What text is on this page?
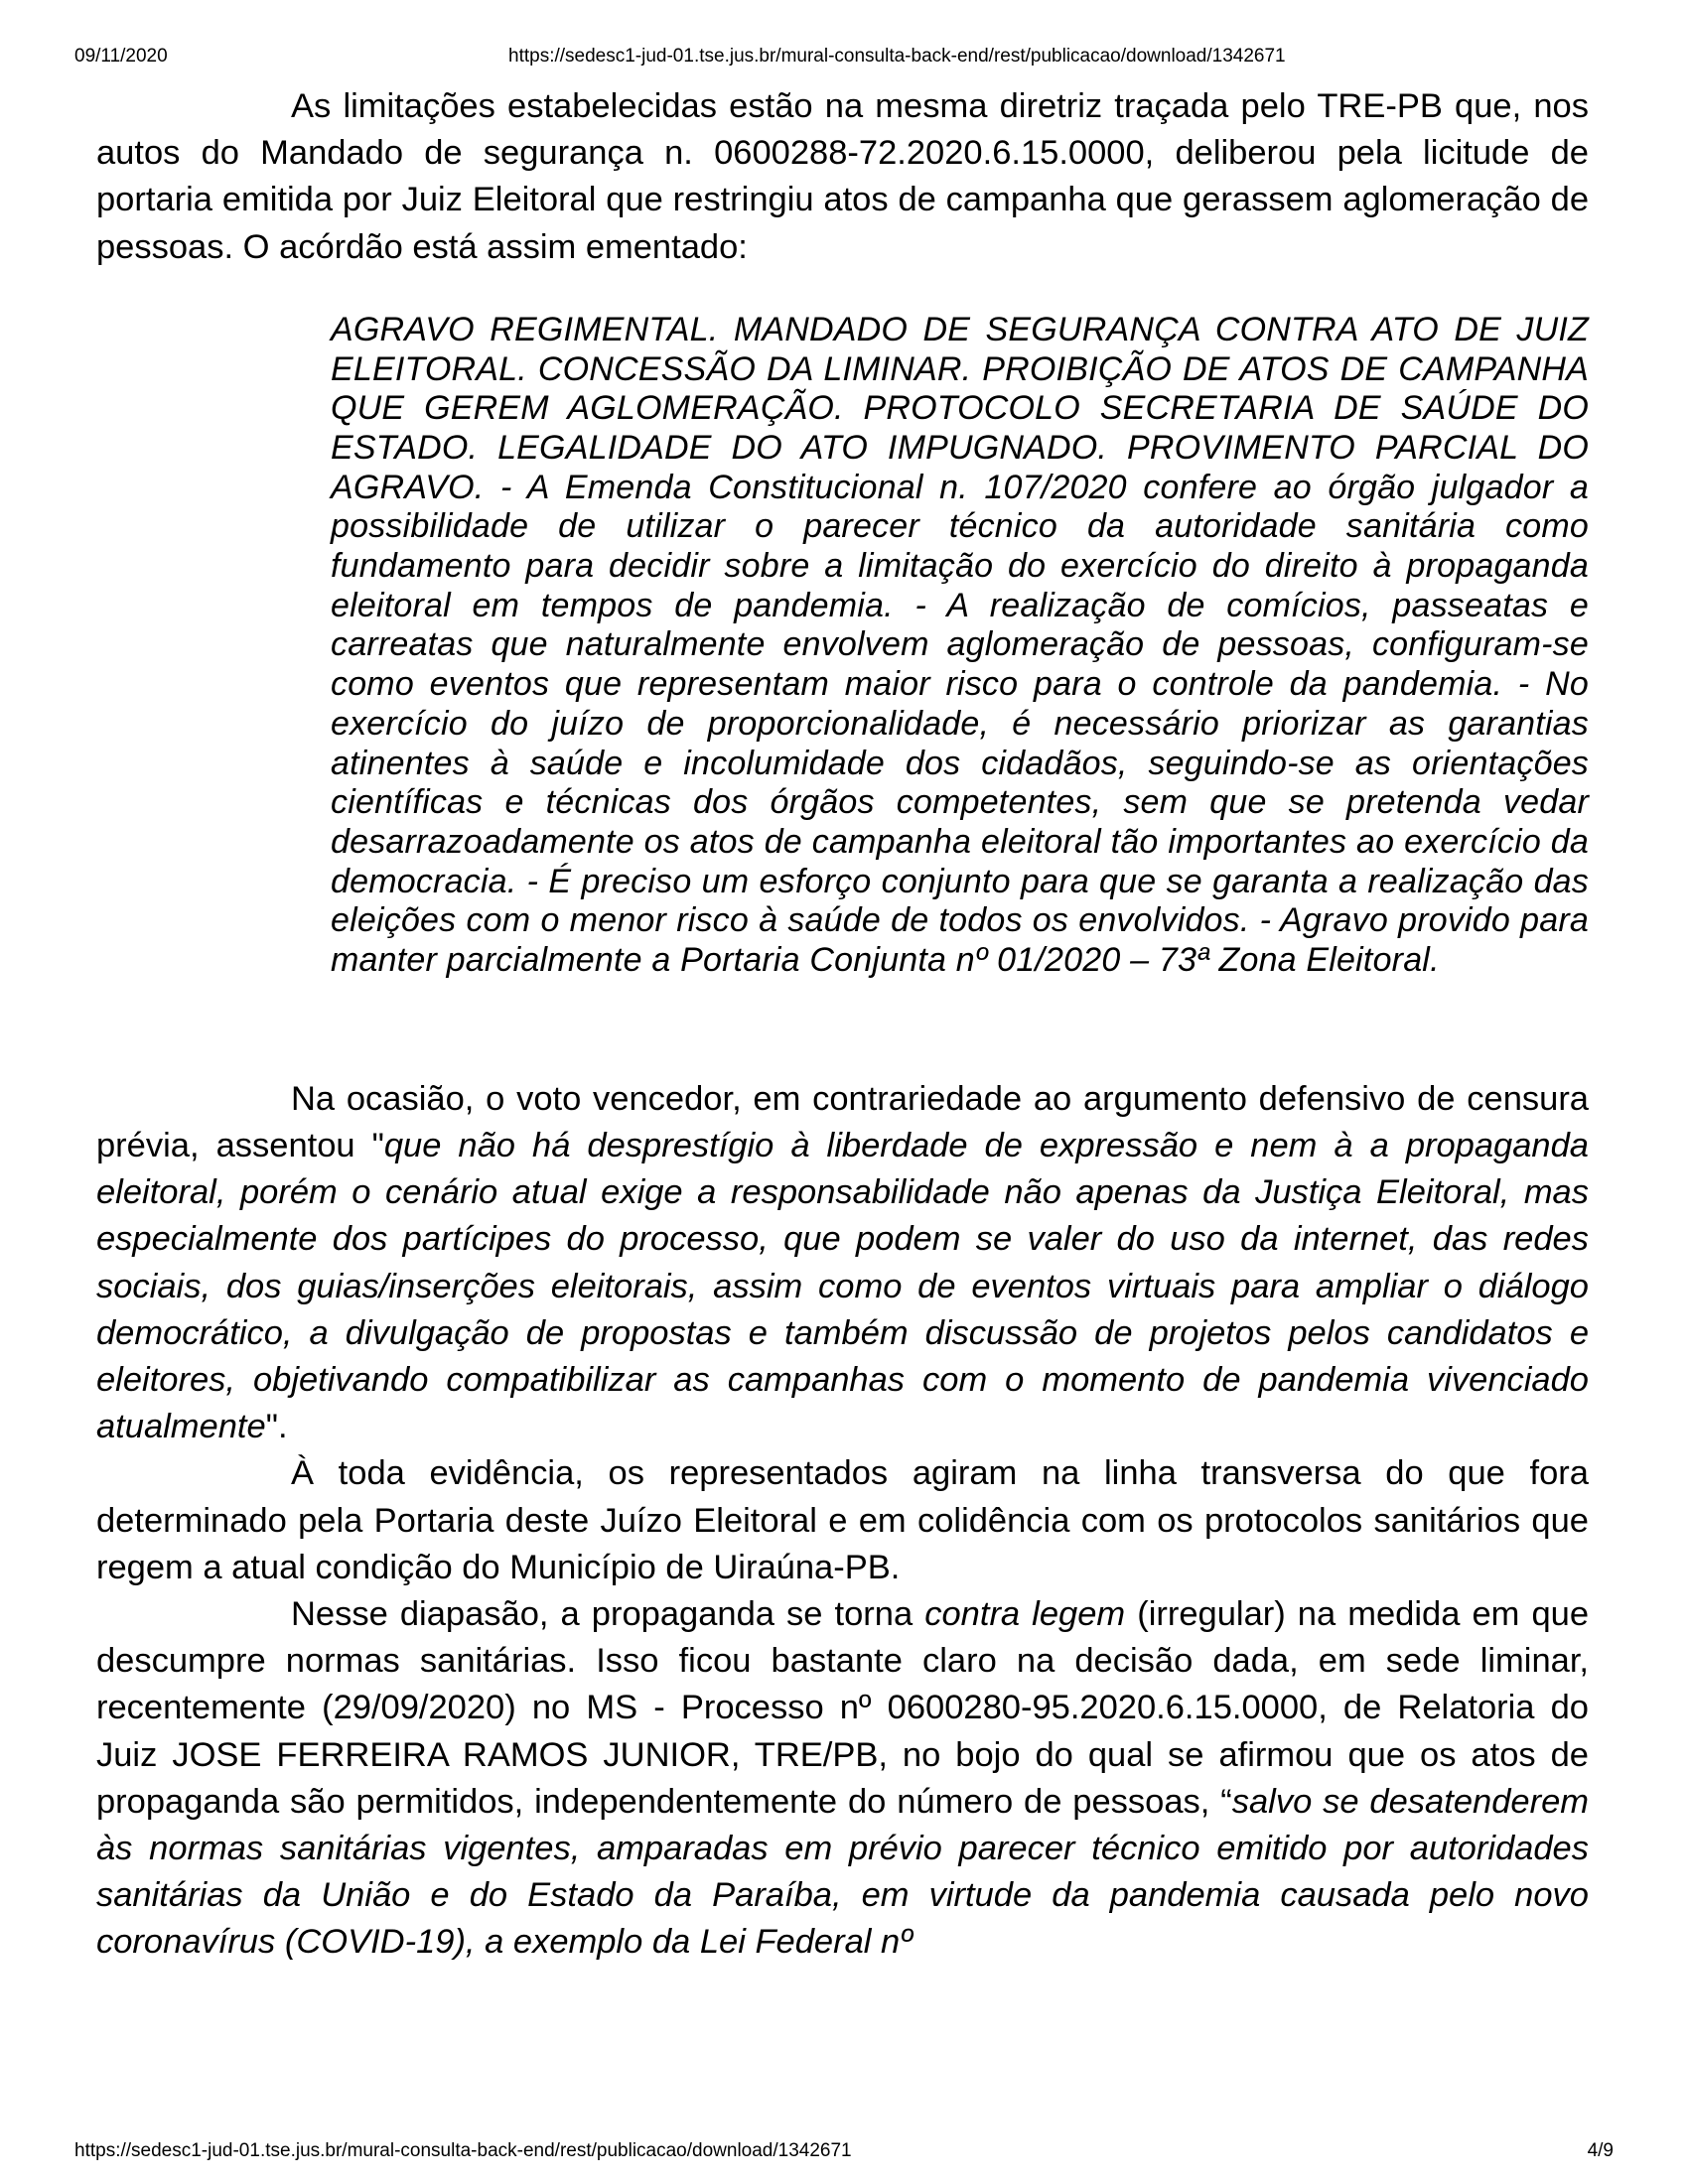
09/11/2020	https://sedesc1-jud-01.tse.jus.br/mural-consulta-back-end/rest/publicacao/download/1342671

As limitações estabelecidas estão na mesma diretriz traçada pelo TRE-PB que, nos autos do Mandado de segurança n. 0600288-72.2020.6.15.0000, deliberou pela licitude de portaria emitida por Juiz Eleitoral que restringiu atos de campanha que gerassem aglomeração de pessoas. O acórdão está assim ementado:

AGRAVO REGIMENTAL. MANDADO DE SEGURANÇA CONTRA ATO DE JUIZ ELEITORAL. CONCESSÃO DA LIMINAR. PROIBIÇÃO DE ATOS DE CAMPANHA QUE GEREM AGLOMERAÇÃO. PROTOCOLO SECRETARIA DE SAÚDE DO ESTADO. LEGALIDADE DO ATO IMPUGNADO. PROVIMENTO PARCIAL DO AGRAVO. - A Emenda Constitucional n. 107/2020 confere ao órgão julgador a possibilidade de utilizar o parecer técnico da autoridade sanitária como fundamento para decidir sobre a limitação do exercício do direito à propaganda eleitoral em tempos de pandemia. - A realização de comícios, passeatas e carreatas que naturalmente envolvem aglomeração de pessoas, configuram-se como eventos que representam maior risco para o controle da pandemia. - No exercício do juízo de proporcionalidade, é necessário priorizar as garantias atinentes à saúde e incolumidade dos cidadãos, seguindo-se as orientações científicas e técnicas dos órgãos competentes, sem que se pretenda vedar desarrazoadamente os atos de campanha eleitoral tão importantes ao exercício da democracia. - É preciso um esforço conjunto para que se garanta a realização das eleições com o menor risco à saúde de todos os envolvidos. - Agravo provido para manter parcialmente a Portaria Conjunta nº 01/2020 – 73ª Zona Eleitoral.

Na ocasião, o voto vencedor, em contrariedade ao argumento defensivo de censura prévia, assentou "que não há desprestígio à liberdade de expressão e nem à a propaganda eleitoral, porém o cenário atual exige a responsabilidade não apenas da Justiça Eleitoral, mas especialmente dos partícipes do processo, que podem se valer do uso da internet, das redes sociais, dos guias/inserções eleitorais, assim como de eventos virtuais para ampliar o diálogo democrático, a divulgação de propostas e também discussão de projetos pelos candidatos e eleitores, objetivando compatibilizar as campanhas com o momento de pandemia vivenciado atualmente".

À toda evidência, os representados agiram na linha transversa do que fora determinado pela Portaria deste Juízo Eleitoral e em colidência com os protocolos sanitários que regem a atual condição do Município de Uiraúna-PB.

Nesse diapasão, a propaganda se torna contra legem (irregular) na medida em que descumpre normas sanitárias. Isso ficou bastante claro na decisão dada, em sede liminar, recentemente (29/09/2020) no MS - Processo nº 0600280-95.2020.6.15.0000, de Relatoria do Juiz JOSE FERREIRA RAMOS JUNIOR, TRE/PB, no bojo do qual se afirmou que os atos de propaganda são permitidos, independentemente do número de pessoas, “salvo se desatenderem às normas sanitárias vigentes, amparadas em prévio parecer técnico emitido por autoridades sanitárias da União e do Estado da Paraíba, em virtude da pandemia causada pelo novo coronavírus (COVID-19), a exemplo da Lei Federal nº

https://sedesc1-jud-01.tse.jus.br/mural-consulta-back-end/rest/publicacao/download/1342671	4/9
